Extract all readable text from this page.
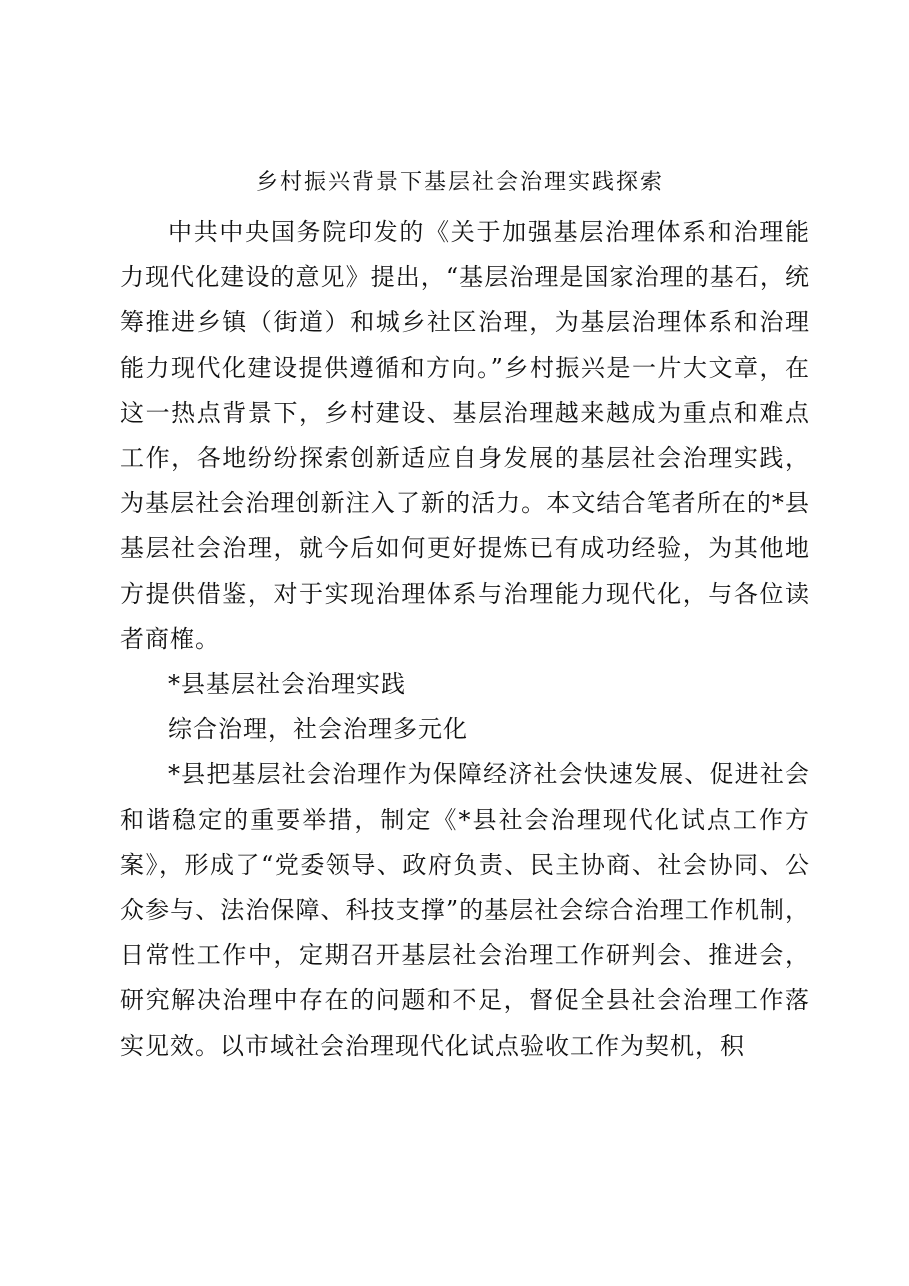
乡村振兴背景下基层社会治理实践探索

中共中央国务院印发的《关于加强基层治理体系和治理能力现代化建设的意见》提出，“基层治理是国家治理的基石，统筹推进乡镇（街道）和城乡社区治理，为基层治理体系和治理能力现代化建设提供遵循和方向。”乡村振兴是一片大文章，在这一热点背景下，乡村建设、基层治理越来越成为重点和难点工作，各地纷纷探索创新适应自身发展的基层社会治理实践，为基层社会治理创新注入了新的活力。本文结合笔者所在的*县基层社会治理，就今后如何更好提炼已有成功经验，为其他地方提供借鉴，对于实现治理体系与治理能力现代化，与各位读者商榷。

*县基层社会治理实践

综合治理，社会治理多元化

*县把基层社会治理作为保障经济社会快速发展、促进社会和谐稳定的重要举措，制定《*县社会治理现代化试点工作方案》，形成了“党委领导、政府负责、民主协商、社会协同、公众参与、法治保障、科技支撑”的基层社会综合治理工作机制，日常性工作中，定期召开基层社会治理工作研判会、推进会，研究解决治理中存在的问题和不足，督促全县社会治理工作落实见效。以市域社会治理现代化试点验收工作为契机，积
